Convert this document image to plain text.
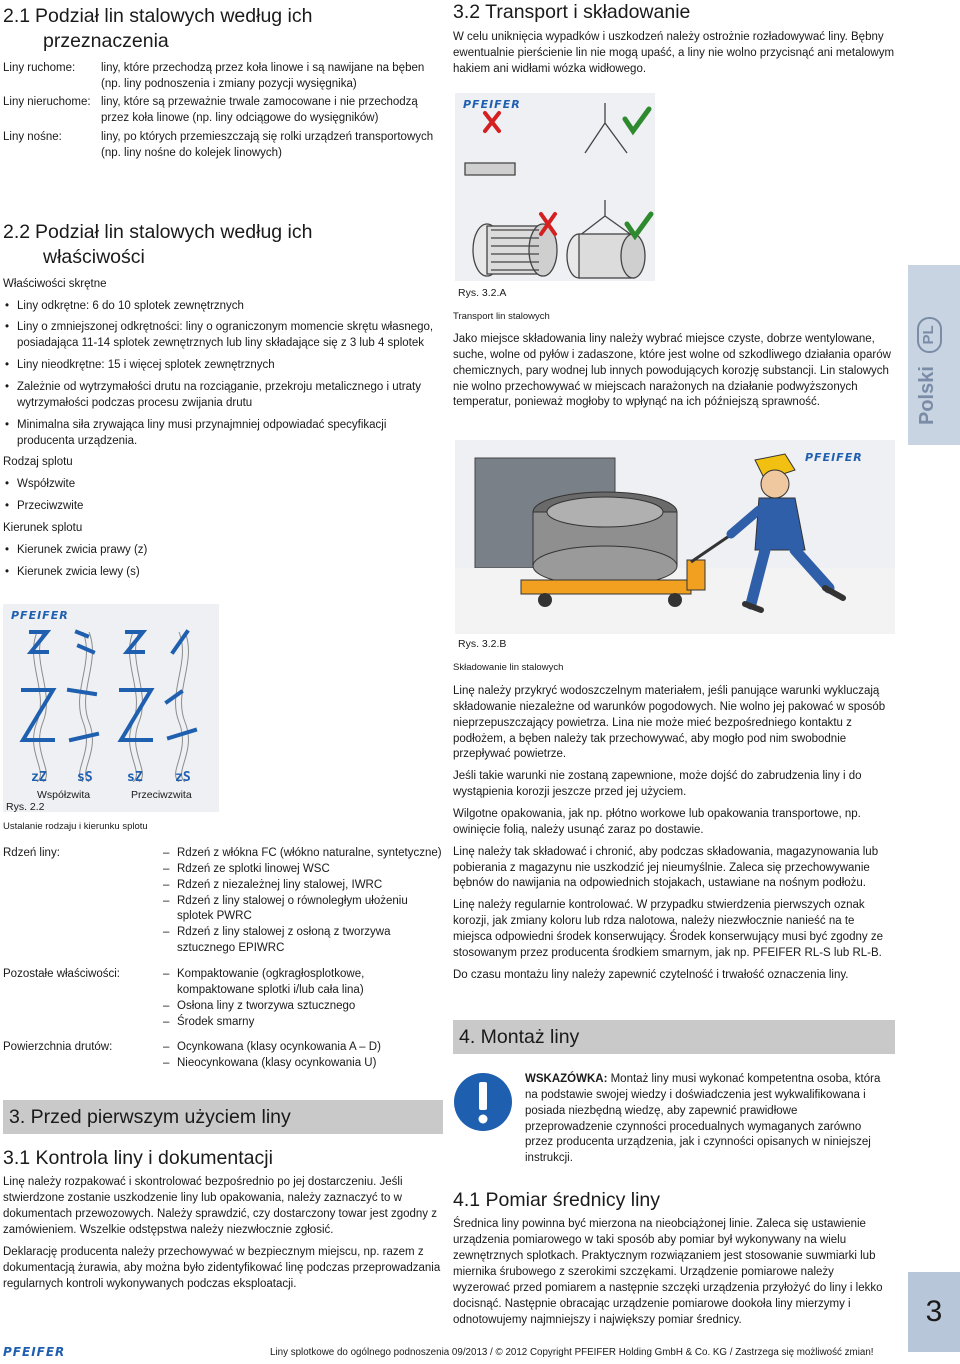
2.1 Podział lin stalowych według ich
przeznaczenia
Liny ruchome:	liny, które przechodzą przez koła linowe i są nawijane na bęben (np. liny podnoszenia i zmiany pozycji wysięgnika)
Liny nieruchome: liny, które są przeważnie trwale zamocowane i nie przechodzą przez koła linowe (np. liny odciągowe do wysięgników)
Liny nośne:	liny, po których przemieszczają się rolki urządzeń transportowych (np. liny nośne do kolejek linowych)
2.2 Podział lin stalowych według ich
właściwości

Właściwości skrętne

• Liny odkrętne: 6 do 10 splotek zewnętrznych
• Liny o zmniejszonej odkrętności: liny o ograniczonym momencie skrętu własnego, posiadająca 11-14 splotek zewnętrznych lub liny składające się z 3 lub 4 splotek
• Liny nieodkrętne: 15 i więcej splotek zewnętrznych
• Zależnie od wytrzymałości drutu na rozciąganie, przekroju metalicznego i utraty wytrzymałości podczas procesu zwijania drutu
• Minimalna siła zrywająca liny musi przynajmniej odpowiadać specyfikacji producenta urządzenia.

Rodzaj splotu

• Współzwite
• Przeciwzwite

Kierunek splotu

• Kierunek zwicia prawy (z)
• Kierunek zwicia lewy (s)
PFEIFER
zZ sS	sZ zS
Współzwita	Przeciwzwita
Rys. 2.2
Ustalanie rodzaju i kierunku splotu
Rdzeń liny:	– Rdzeń z włókna FC (włókno naturalne, syntetyczne)
– Rdzeń ze splotki linowej WSC
– Rdzeń z niezależnej liny stalowej, IWRC
– Rdzeń z liny stalowej o równoległym ułożeniu splotek PWRC
– Rdzeń z liny stalowej z osłoną z tworzywa sztucznego EPIWRC
Pozostałe właściwości:	– Kompaktowanie (ogkragłosplotkowe, kompaktowane splotki i/lub cała lina)
– Osłona liny z tworzywa sztucznego
– Środek smarny
Powierzchnia drutów:	– Ocynkowana (klasy ocynkowania A – D)
– Nieocynkowana (klasy ocynkowania U)
3. Przed pierwszym użyciem liny
3.1 Kontrola liny i dokumentacji

Linę należy rozpakować i skontrolować bezpośrednio po jej dostarczeniu. Jeśli stwierdzone zostanie uszkodzenie liny lub opakowania, należy zaznaczyć to w dokumentach przewozowych. Należy sprawdzić, czy dostarczony towar jest zgodny z zamówieniem. Wszelkie odstępstwa należy niezwłocznie zgłosić.

Deklarację producenta należy przechowywać w bezpiecznym miejscu, np. razem z dokumentacją żurawia, aby można było zidentyfikować linę podczas przeprowadzania regularnych kontroli wykonywanych podczas eksploatacji.

3.2 Transport i składowanie

W celu uniknięcia wypadków i uszkodzeń należy ostrożnie rozładowywać liny. Bębny ewentualnie pierścienie lin nie mogą upaść, a liny nie wolno przycisnąć ani metalowym hakiem ani widłami wózka widłowego.

PFEIFER
Rys. 3.2.A
Transport lin stalowych
Jako miejsce składowania liny należy wybrać miejsce czyste, dobrze wentylowane, suche, wolne od pyłów i zadaszone, które jest wolne od szkodliwego działania oparów chemicznych, pary wodnej lub innych powodujących korozję substancji. Lin stalowych nie wolno przechowywać w miejscach narażonych na działanie podwyższonych temperatur, ponieważ mogłoby to wpłynąć na ich późniejszą sprawność.
PFEIFER
Rys. 3.2.B
Składowanie lin stalowych

Linę należy przykryć wodoszczelnym materiałem, jeśli panujące warunki wykluczają składowanie niezależne od warunków pogodowych. Nie wolno jej pakować w sposób nieprzepuszczający powietrza. Lina nie może mieć bezpośredniego kontaktu z podłożem, a bęben należy tak przechowywać, aby mogło pod nim swobodnie przepływać powietrze.

Jeśli takie warunki nie zostaną zapewnione, może dojść do zabrudzenia liny i do wystąpienia korozji jeszcze przed jej użyciem.

Wilgotne opakowania, jak np. płótno workowe lub opakowania transportowe, np. owinięcie folią, należy usunąć zaraz po dostawie.

Linę należy tak składować i chronić, aby podczas składowania, magazynowania lub pobierania z magazynu nie uszkodzić jej nieumyślnie. Zaleca się przechowywanie bębnów do nawijania na odpowiednich stojakach, ustawiane na nośnym podłożu.

Linę należy regularnie kontrolować. W przypadku stwierdzenia pierwszych oznak korozji, jak zmiany koloru lub rdza nalotowa, należy niezwłocznie nanieść na te miejsca odpowiedni środek konserwujący. Środek konserwujący musi być zgodny ze stosowanym przez producenta środkiem smarnym, jak np. PFEIFER RL-S lub RL-B.

Do czasu montażu liny należy zapewnić czytelność i trwałość oznaczenia liny.

4. Montaż liny
WSKAZÓWKA: Montaż liny musi wykonać kompetentna osoba, która na podstawie swojej wiedzy i doświadczenia jest wykwalifikowana i posiada niezbędną wiedzę, aby zapewnić prawidłowe przeprowadzenie czynności procedualnych wymaganych zarówno przez producenta urządzenia, jak i czynności opisanych w niniejszej instrukcji.
4.1 Pomiar średnicy liny

Średnica liny powinna być mierzona na nieobciążonej linie. Zaleca się ustawienie urządzenia pomiarowego w taki sposób aby pomiar był wykonywany na wielu zewnętrznych splotkach. Praktycznym rozwiązaniem jest stosowanie suwmiarki lub miernika śrubowego z szerokimi szczękami. Urządzenie pomiarowe należy wyzerować przed pomiarem a następnie szczęki urządzenia przyłożyć do liny i lekko docisnąć. Następnie obracając urządzenie pomiarowe dookoła liny mierzymy i odnotowujemy najmniejszy i największy pomiar średnicy.

Polski PL
3
PFEIFER	Liny splotkowe do ogólnego podnoszenia 09/2013 / © 2012 Copyright PFEIFER Holding GmbH & Co. KG / Zastrzega się możliwość zmian!
